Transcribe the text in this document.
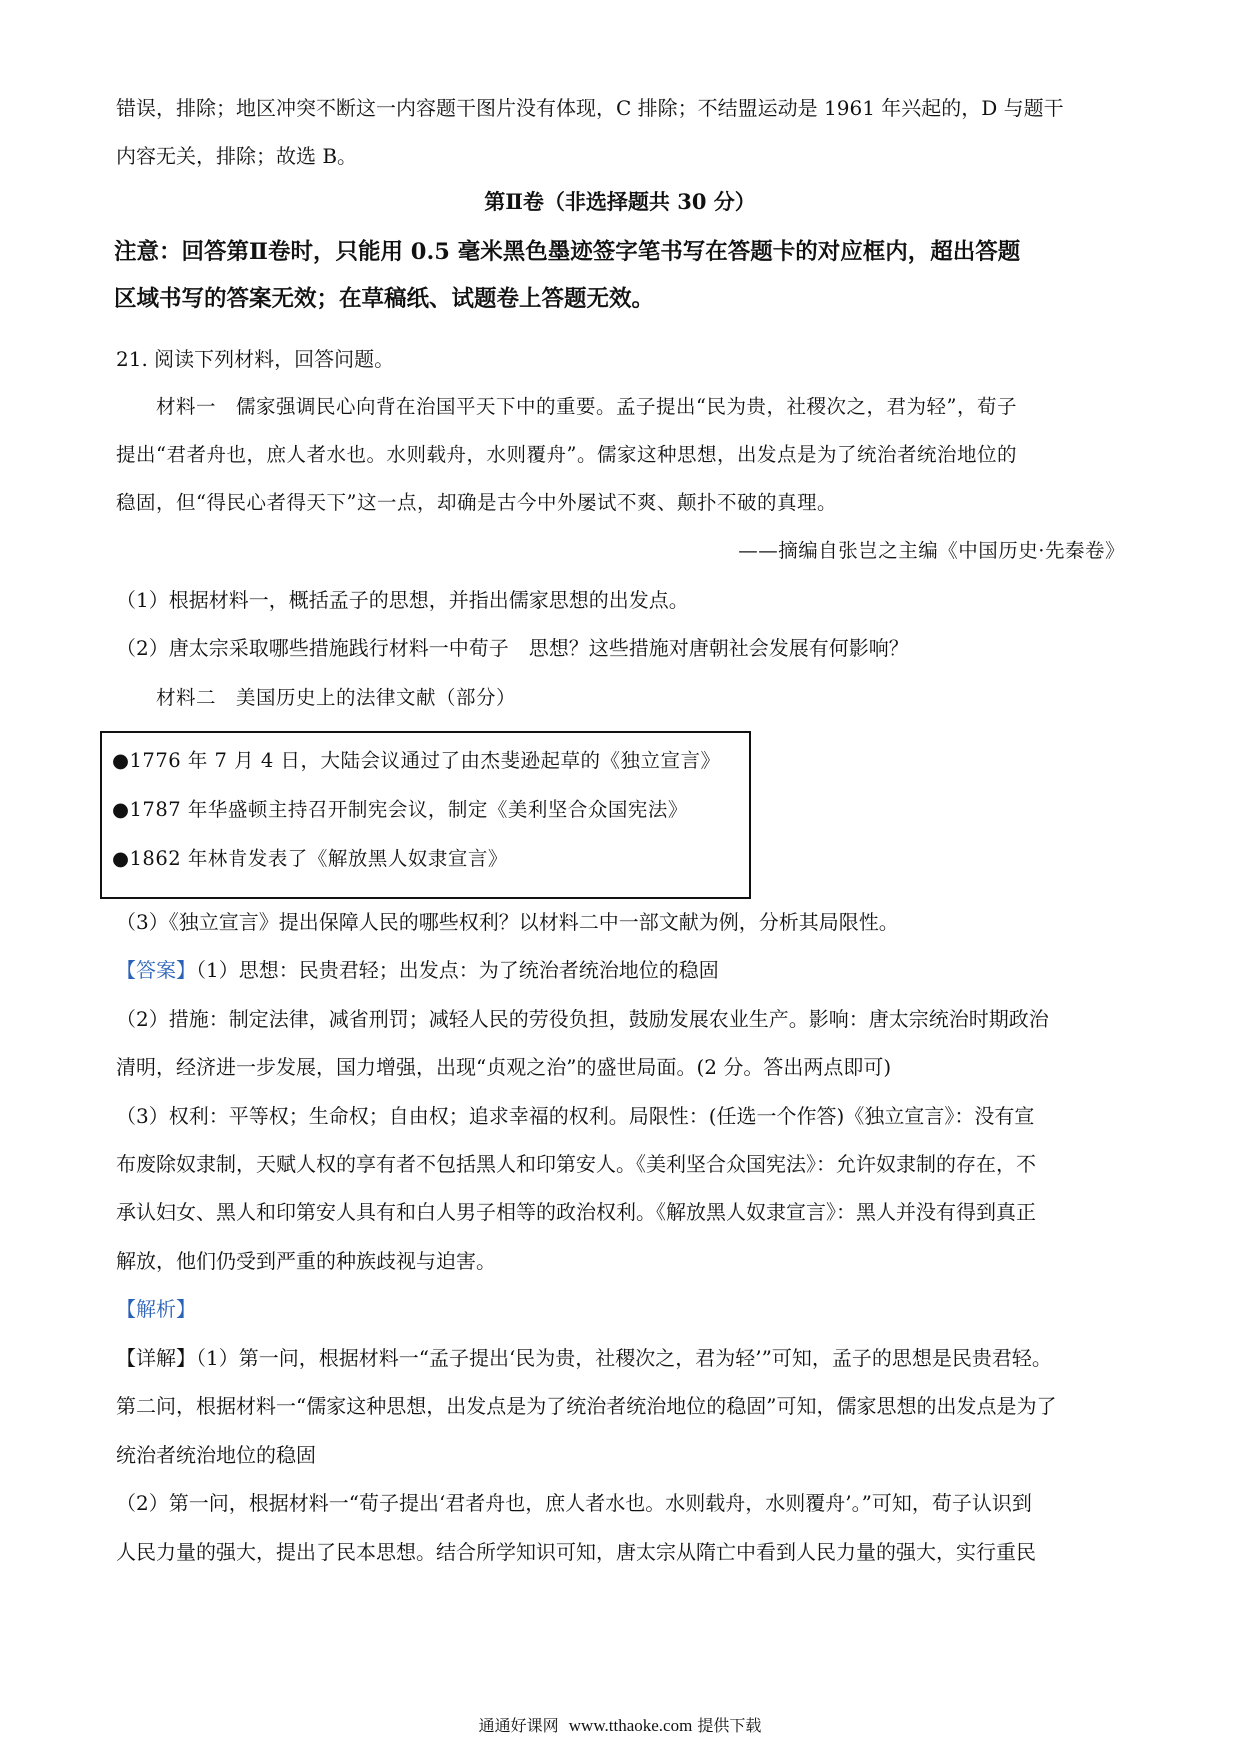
错误，排除；地区冲突不断这一内容题干图片没有体现，C 排除；不结盟运动是 1961 年兴起的，D 与题干
内容无关，排除；故选 B。
第Ⅱ卷（非选择题共 30 分）
注意：回答第Ⅱ卷时，只能用 0.5 毫米黑色墨迹签字笔书写在答题卡的对应框内，超出答题
区域书写的答案无效；在草稿纸、试题卷上答题无效。
21. 阅读下列材料，回答问题。
材料一　儒家强调民心向背在治国平天下中的重要。孟子提出“民为贵，社稷次之，君为轻”，荀子
提出“君者舟也，庶人者水也。水则载舟，水则覆舟”。儒家这种思想，出发点是为了统治者统治地位的
稳固，但“得民心者得天下”这一点，却确是古今中外屡试不爽、颠扑不破的真理。
——摘编自张岂之主编《中国历史·先秦卷》
（1）根据材料一，概括孟子的思想，并指出儒家思想的出发点。
（2）唐太宗采取哪些措施践行材料一中荀子　思想？这些措施对唐朝社会发展有何影响？
材料二　美国历史上的法律文献（部分）
●1776 年 7 月 4 日，大陆会议通过了由杰斐逊起草的《独立宣言》
●1787 年华盛顿主持召开制宪会议，制定《美利坚合众国宪法》
●1862 年林肯发表了《解放黑人奴隶宣言》
（3）《独立宣言》提出保障人民的哪些权利？以材料二中一部文献为例，分析其局限性。
【答案】（1）思想：民贵君轻；出发点：为了统治者统治地位的稳固
（2）措施：制定法律，减省刑罚；减轻人民的劳役负担，鼓励发展农业生产。影响：唐太宗统治时期政治
清明，经济进一步发展，国力增强，出现“贞观之治”的盛世局面。(2 分。答出两点即可)
（3）权利：平等权；生命权；自由权；追求幸福的权利。局限性：(任选一个作答)《独立宣言》：没有宣
布废除奴隶制，天赋人权的享有者不包括黑人和印第安人。《美利坚合众国宪法》：允许奴隶制的存在，不
承认妇女、黑人和印第安人具有和白人男子相等的政治权利。《解放黑人奴隶宣言》：黑人并没有得到真正
解放，他们仍受到严重的种族歧视与迫害。
【解析】
【详解】（1）第一问，根据材料一“孟子提出‘民为贵，社稷次之，君为轻’”可知，孟子的思想是民贵君轻。
第二问，根据材料一“儒家这种思想，出发点是为了统治者统治地位的稳固”可知，儒家思想的出发点是为了
统治者统治地位的稳固
（2）第一问，根据材料一“荀子提出‘君者舟也，庶人者水也。水则载舟，水则覆舟’。”可知，荀子认识到
人民力量的强大，提出了民本思想。结合所学知识可知，唐太宗从隋亡中看到人民力量的强大，实行重民
通通好课网 www.tthaoke.com 提供下载
